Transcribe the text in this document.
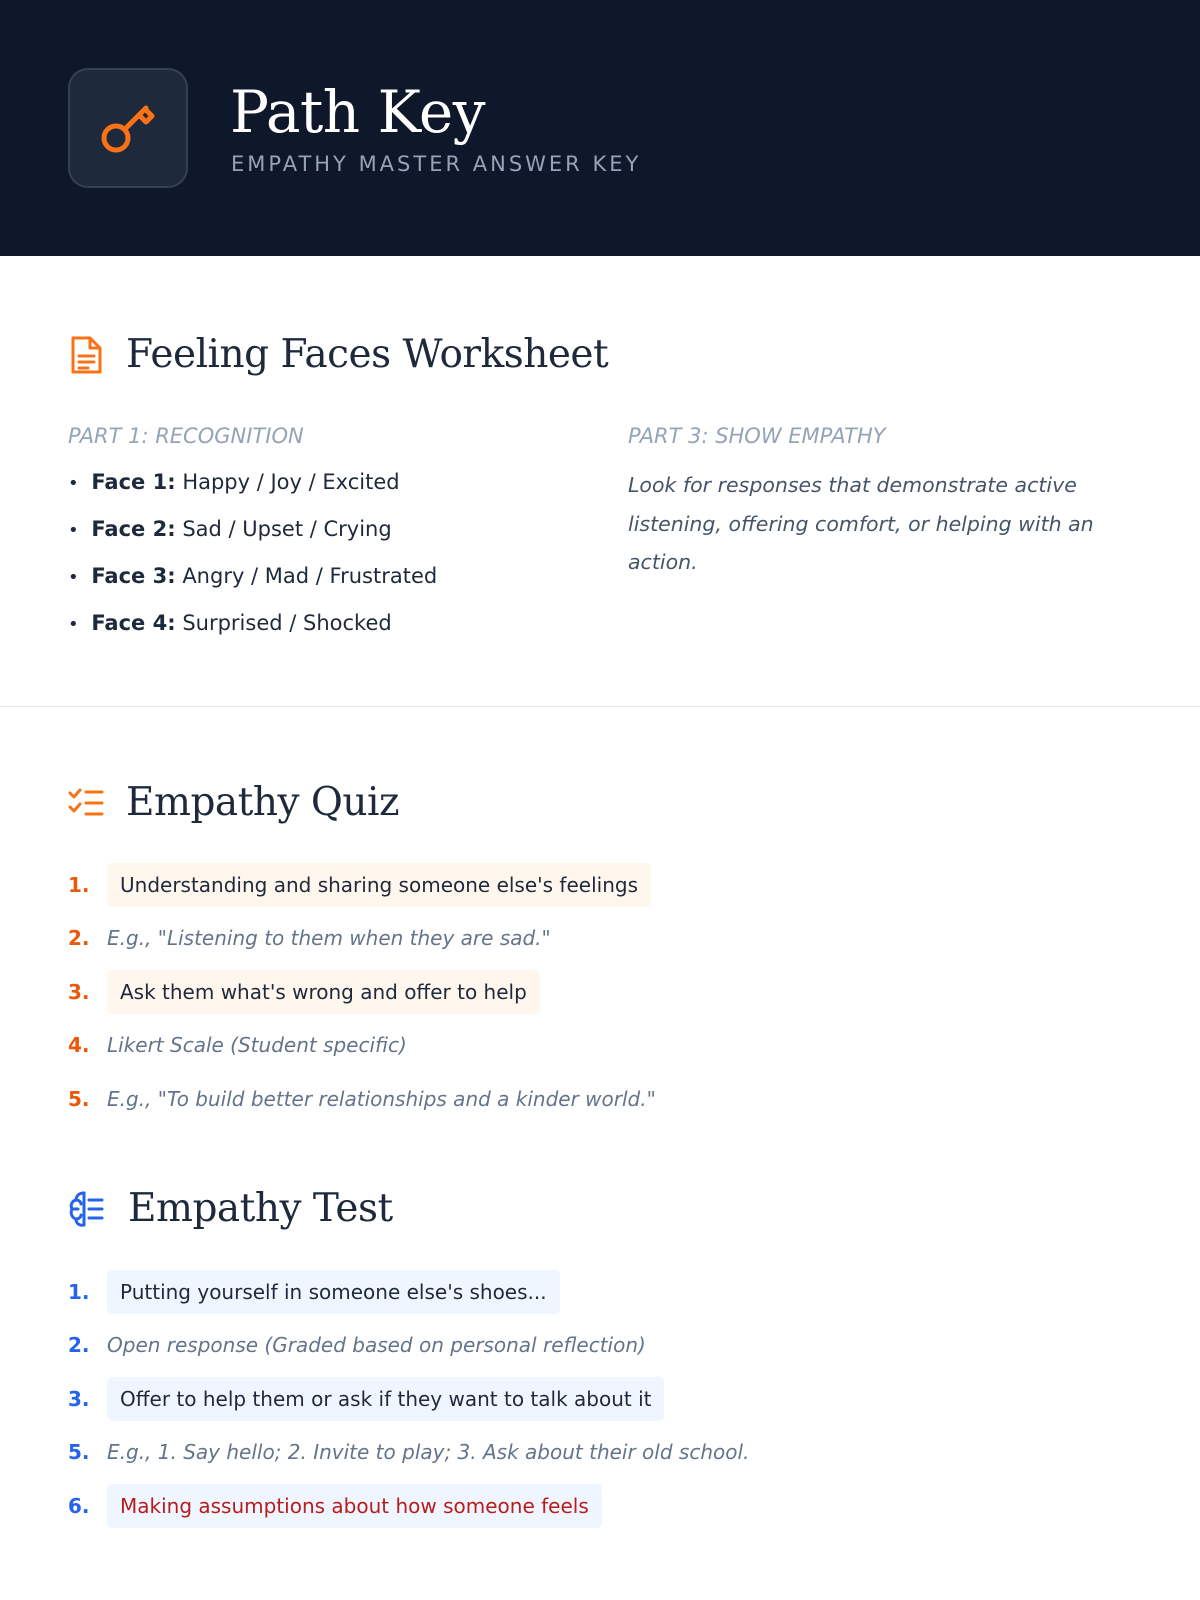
Path Key
EMPATHY MASTER ANSWER KEY
Feeling Faces Worksheet
PART 1: RECOGNITION
• Face 1: Happy / Joy / Excited
• Face 2: Sad / Upset / Crying
• Face 3: Angry / Mad / Frustrated
• Face 4: Surprised / Shocked
PART 3: SHOW EMPATHY

Look for responses that demonstrate active listening, offering comfort, or helping with an action.

Empathy Quiz
1.	Understanding and sharing someone else's feelings
2. E.g., "Listening to them when they are sad."
3.	Ask them what's wrong and offer to help
4. Likert Scale (Student specific)
5. E.g., "To build better relationships and a kinder world."
Empathy Test
1.	Putting yourself in someone else's shoes...
2. Open response (Graded based on personal reflection)
3.	Offer to help them or ask if they want to talk about it
5. E.g., 1. Say hello; 2. Invite to play; 3. Ask about their old school.
6.	Making assumptions about how someone feels
